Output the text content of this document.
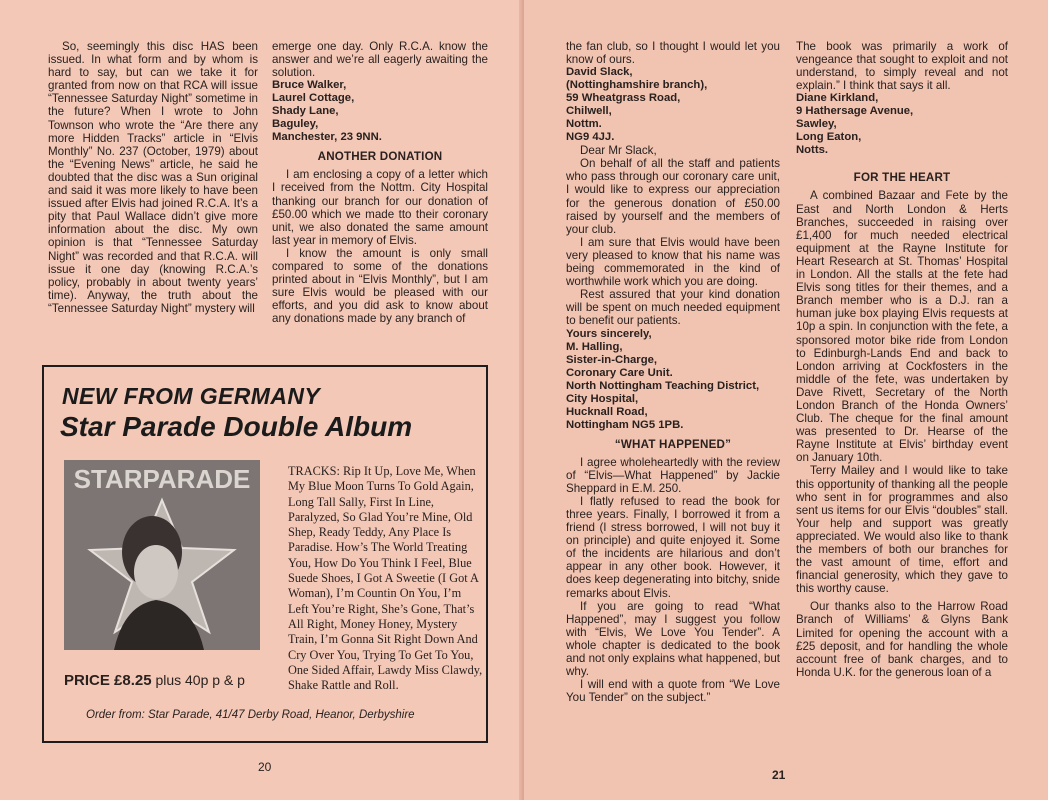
So, seemingly this disc HAS been issued. In what form and by whom is hard to say, but can we take it for granted from now on that RCA will issue “Tennessee Saturday Night” sometime in the future? When I wrote to John Townson who wrote the “Are there any more Hidden Tracks” article in “Elvis Monthly” No. 237 (October, 1979) about the “Evening News” article, he said he doubted that the disc was a Sun original and said it was more likely to have been issued after Elvis had joined R.C.A. It’s a pity that Paul Wallace didn’t give more information about the disc. My own opinion is that “Tennessee Saturday Night” was recorded and that R.C.A. will issue it one day (knowing R.C.A.’s policy, probably in about twenty years’ time). Anyway, the truth about the “Tennessee Saturday Night” mystery will

emerge one day. Only R.C.A. know the answer and we’re all eagerly awaiting the solution.

Bruce Walker,
Laurel Cottage,
Shady Lane,
Baguley,
Manchester, 23 9NN.
ANOTHER DONATION

I am enclosing a copy of a letter which I received from the Nottm. City Hospital thanking our branch for our donation of £50.00 which we made tto their coronary unit, we also donated the same amount last year in memory of Elvis.

I know the amount is only small compared to some of the donations printed about in “Elvis Monthly”, but I am sure Elvis would be pleased with our efforts, and you did ask to know about any donations made by any branch of

NEW FROM GERMANY
Star Parade Double Album
STARPARADE	TRACKS: Rip It Up, Love Me, When My Blue Moon Turns To Gold Again, Long Tall Sally, First In Line, Paralyzed, So Glad You’re Mine, Old Shep, Ready Teddy, Any Place Is Paradise. How’s The World Treating You, How Do You Think I Feel, Blue Suede Shoes, I Got A Sweetie (I Got A Woman), I’m Countin On You, I’m Left You’re Right, She’s Gone, That’s All Right, Money Honey, Mystery Train, I’m Gonna Sit Right Down And Cry Over You, Trying To Get To You, One Sided Affair, Lawdy Miss Clawdy, Shake Rattle and Roll.
PRICE £8.25 plus 40p p & p
Order from: Star Parade, 41/47 Derby Road, Heanor, Derbyshire
20

the fan club, so I thought I would let you know of ours.

David Slack,
(Nottinghamshire branch),
59 Wheatgrass Road,
Chilwell,
Nottm.
NG9 4JJ.

Dear Mr Slack,

On behalf of all the staff and patients who pass through our coronary care unit, I would like to express our appreciation for the generous donation of £50.00 raised by yourself and the members of your club.

I am sure that Elvis would have been very pleased to know that his name was being commemorated in the kind of worthwhile work which you are doing.

Rest assured that your kind donation will be spent on much needed equipment to benefit our patients.

Yours sincerely,
M. Halling,
Sister-in-Charge,
Coronary Care Unit.
North Nottingham Teaching District,
City Hospital,
Hucknall Road,
Nottingham NG5 1PB.
“WHAT HAPPENED”

I agree wholeheartedly with the review of “Elvis—What Happened” by Jackie Sheppard in E.M. 250.

I flatly refused to read the book for three years. Finally, I borrowed it from a friend (I stress borrowed, I will not buy it on principle) and quite enjoyed it. Some of the incidents are hilarious and don’t appear in any other book. However, it does keep degenerating into bitchy, snide remarks about Elvis.

If you are going to read “What Happened”, may I suggest you follow with “Elvis, We Love You Tender”. A whole chapter is dedicated to the book and not only explains what happened, but why.

I will end with a quote from “We Love You Tender” on the subject.”

The book was primarily a work of vengeance that sought to exploit and not understand, to simply reveal and not explain.” I think that says it all.

Diane Kirkland,
9 Hathersage Avenue,
Sawley,
Long Eaton,
Notts.
FOR THE HEART

A combined Bazaar and Fete by the East and North London & Herts Branches, succeeded in raising over £1,400 for much needed electrical equipment at the Rayne Institute for Heart Research at St. Thomas’ Hospital in London. All the stalls at the fete had Elvis song titles for their themes, and a Branch member who is a D.J. ran a human juke box playing Elvis requests at 10p a spin. In conjunction with the fete, a sponsored motor bike ride from London to Edinburgh-Lands End and back to London arriving at Cockfosters in the middle of the fete, was undertaken by Dave Rivett, Secretary of the North London Branch of the Honda Owners’ Club. The cheque for the final amount was presented to Dr. Hearse of the Rayne Institute at Elvis’ birthday event on January 10th.

Terry Mailey and I would like to take this opportunity of thanking all the people who sent in for programmes and also sent us items for our Elvis “doubles” stall. Your help and support was greatly appreciated. We would also like to thank the members of both our branches for the vast amount of time, effort and financial generosity, which they gave to this worthy cause.

Our thanks also to the Harrow Road Branch of Williams’ & Glyns Bank Limited for opening the account with a £25 deposit, and for handling the whole account free of bank charges, and to Honda U.K. for the generous loan of a

21
